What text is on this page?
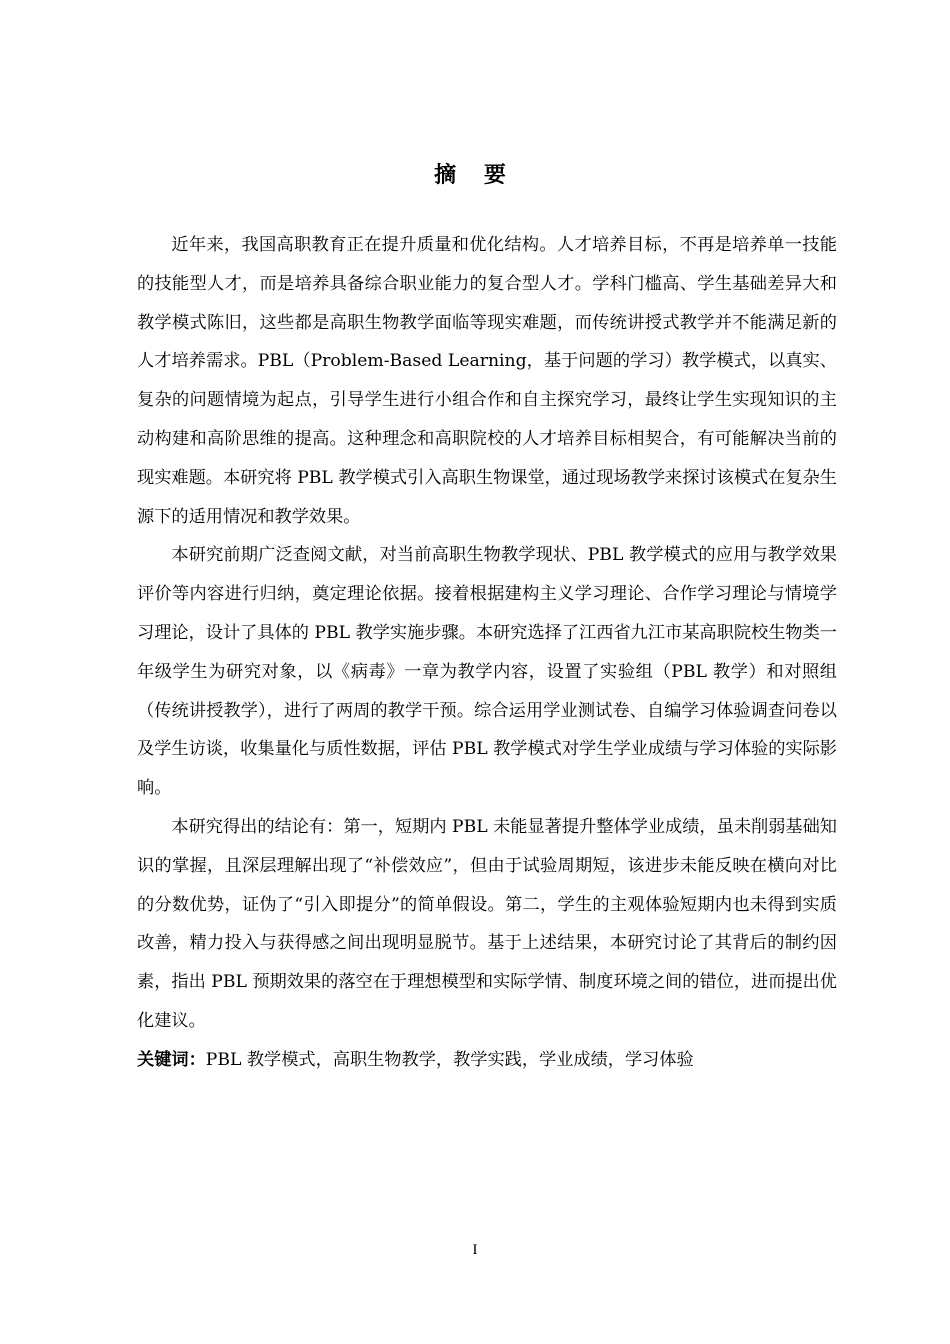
摘 要

近年来，我国高职教育正在提升质量和优化结构。人才培养目标，不再是培养单一技能的技能型人才，而是培养具备综合职业能力的复合型人才。学科门槛高、学生基础差异大和教学模式陈旧，这些都是高职生物教学面临等现实难题，而传统讲授式教学并不能满足新的人才培养需求。PBL（Problem-Based Learning，基于问题的学习）教学模式，以真实、复杂的问题情境为起点，引导学生进行小组合作和自主探究学习，最终让学生实现知识的主动构建和高阶思维的提高。这种理念和高职院校的人才培养目标相契合，有可能解决当前的现实难题。本研究将 PBL 教学模式引入高职生物课堂，通过现场教学来探讨该模式在复杂生源下的适用情况和教学效果。

本研究前期广泛查阅文献，对当前高职生物教学现状、PBL 教学模式的应用与教学效果评价等内容进行归纳，奠定理论依据。接着根据建构主义学习理论、合作学习理论与情境学习理论，设计了具体的 PBL 教学实施步骤。本研究选择了江西省九江市某高职院校生物类一年级学生为研究对象，以《病毒》一章为教学内容，设置了实验组（PBL 教学）和对照组（传统讲授教学），进行了两周的教学干预。综合运用学业测试卷、自编学习体验调查问卷以及学生访谈，收集量化与质性数据，评估 PBL 教学模式对学生学业成绩与学习体验的实际影响。

本研究得出的结论有：第一，短期内 PBL 未能显著提升整体学业成绩，虽未削弱基础知识的掌握，且深层理解出现了“补偿效应”，但由于试验周期短，该进步未能反映在横向对比的分数优势，证伪了“引入即提分”的简单假设。第二，学生的主观体验短期内也未得到实质改善，精力投入与获得感之间出现明显脱节。基于上述结果，本研究讨论了其背后的制约因素，指出 PBL 预期效果的落空在于理想模型和实际学情、制度环境之间的错位，进而提出优化建议。

关键词：PBL 教学模式，高职生物教学，教学实践，学业成绩，学习体验

I
